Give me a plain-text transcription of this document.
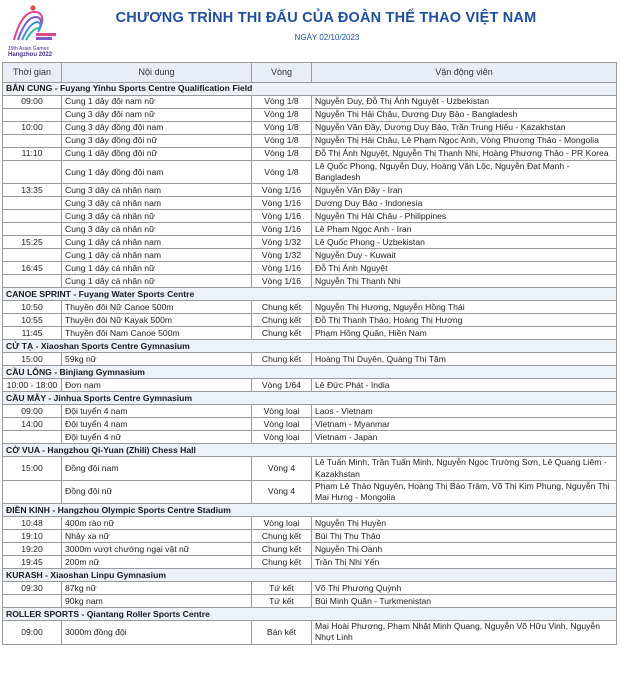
19th Asian Games
Hangzhou 2022
CHƯƠNG TRÌNH THI ĐẤU CỦA ĐOÀN THỂ THAO VIỆT NAM
NGÀY 02/10/2023
Thời gian	Nội dung	Vòng	Vận động viên
BẮN CUNG - Fuyang Yinhu Sports Centre Qualification Field			
09:00	Cung 1 dây đôi nam nữ	Vòng 1/8	Nguyễn Duy, Đỗ Thị Ánh Nguyệt - Uzbekistan
	Cung 3 dây đôi nam nữ	Vòng 1/8	Nguyễn Thị Hải Châu, Dương Duy Bảo - Bangladesh
10:00	Cung 3 dây đồng đội nam	Vòng 1/8	Nguyễn Văn Đầy, Dương Duy Bảo, Trần Trung Hiếu - Kazakhstan
	Cung 3 dây đồng đội nữ	Vòng 1/8	Nguyễn Thị Hải Châu, Lê Phạm Ngọc Anh, Vòng Phương Thảo - Mongolia
11:10	Cung 1 dây đồng đội nữ	Vòng 1/8	Đỗ Thị Ánh Nguyệt, Nguyễn Thị Thanh Nhi, Hoàng Phương Thảo - PR Korea
	Cung 1 dây đồng đội nam	Vòng 1/8	Lê Quốc Phong, Nguyễn Duy, Hoàng Văn Lộc, Nguyễn Đạt Mạnh - Bangladesh
13:35	Cung 3 dây cá nhân nam	Vòng 1/16	Nguyễn Văn Đầy - Iran
	Cung 3 dây cá nhân nam	Vòng 1/16	Dương Duy Bảo - Indonesia
	Cung 3 dây cá nhân nữ	Vòng 1/16	Nguyễn Thị Hải Châu - Philippines
	Cung 3 dây cá nhân nữ	Vòng 1/16	Lê Phạm Ngọc Anh - Iran
15:25	Cung 1 dây cá nhân nam	Vòng 1/32	Lê Quốc Phong - Uzbekistan
	Cung 1 dây cá nhân nam	Vòng 1/32	Nguyễn Duy - Kuwait
16:45	Cung 1 dây cá nhân nữ	Vòng 1/16	Đỗ Thị Ánh Nguyệt
	Cung 1 dây cá nhân nữ	Vòng 1/16	Nguyễn Thị Thanh Nhi
CANOE SPRINT - Fuyang Water Sports Centre			
10:50	Thuyền đôi Nữ Canoe 500m	Chung kết	Nguyễn Thị Hương, Nguyễn Hồng Thái
10:55	Thuyền đôi Nữ Kayak 500m	Chung kết	Đỗ Thị Thanh Thảo, Hoàng Thị Hương
11:45	Thuyền đôi Nam Canoe 500m	Chung kết	Phạm Hồng Quân, Hiền Nam
CỬ TẠ - Xiaoshan Sports Centre Gymnasium			
15:00	59kg nữ	Chung kết	Hoàng Thị Duyên, Quàng Thị Tâm
CẦU LÔNG - Binjiang Gymnasium			
10:00 - 18:00	Đơn nam	Vòng 1/64	Lê Đức Phát - India
CẦU MÂY - Jinhua Sports Centre Gymnasium			
09:00	Đội tuyển 4 nam	Vòng loại	Laos - Vietnam
14:00	Đội tuyển 4 nam	Vòng loại	Vietnam - Myanmar
	Đội tuyển 4 nữ	Vòng loại	Vietnam - Japan
CỜ VUA - Hangzhou Qi-Yuan (Zhili) Chess Hall			
15:00	Đồng đội nam	Vòng 4	Lê Tuấn Minh, Trần Tuấn Minh, Nguyễn Ngọc Trường Sơn, Lê Quang Liêm - Kazakhstan
	Đồng đội nữ	Vòng 4	Phạm Lê Thảo Nguyên, Hoàng Thị Bảo Trâm, Võ Thị Kim Phụng, Nguyễn Thị Mai Hưng - Mongolia
ĐIỀN KINH - Hangzhou Olympic Sports Centre Stadium			
10:48	400m rào nữ	Vòng loại	Nguyễn Thị Huyền
19:10	Nhảy xa nữ	Chung kết	Bùi Thị Thu Thảo
19:20	3000m vượt chướng ngại vật nữ	Chung kết	Nguyễn Thị Oanh
19:45	200m nữ	Chung kết	Trần Thị Nhi Yến
KURASH - Xiaoshan Linpu Gymnasium			
09:30	87kg nữ	Tứ kết	Võ Thị Phương Quỳnh
	90kg nam	Tứ kết	Bùi Minh Quân - Turkmenistan
ROLLER SPORTS - Qiantang Roller Sports Centre			
09:00	3000m đồng đội	Bán kết	Mai Hoài Phương, Phạm Nhật Minh Quang, Nguyễn Võ Hữu Vinh, Nguyễn Nhựt Linh
